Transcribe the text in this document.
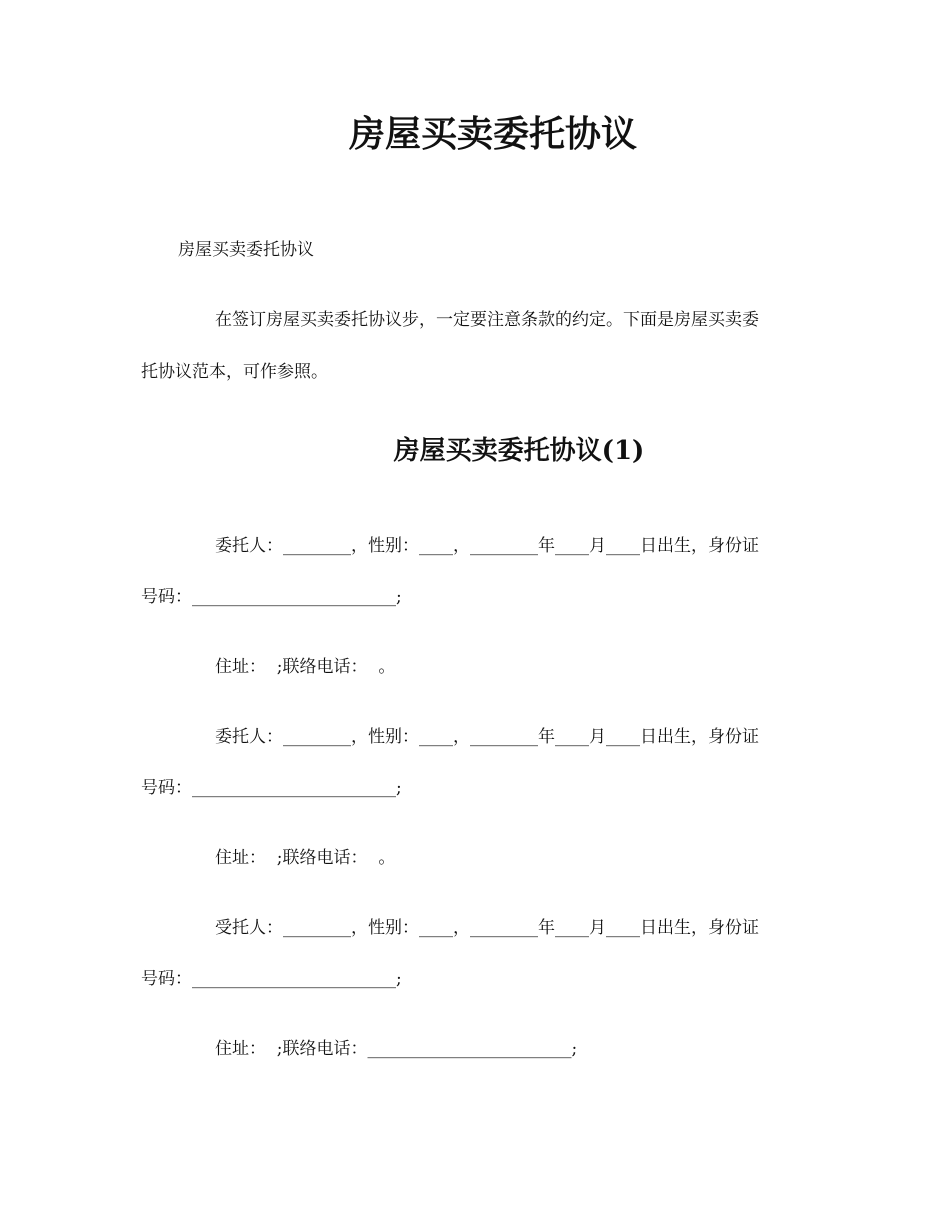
房屋买卖委托协议

房屋买卖委托协议

在签订房屋买卖委托协议步，一定要注意条款的约定。下面是房屋买卖委

托协议范本，可作参照。

房屋买卖委托协议(1)

委托人：________，性别：____，________年____月____日出生，身份证

号码：________________________;

住址：  ;联络电话：  。

委托人：________，性别：____，________年____月____日出生，身份证

号码：________________________;

住址：  ;联络电话：  。

受托人：________，性别：____，________年____月____日出生，身份证

号码：________________________;

住址：  ;联络电话：________________________;
